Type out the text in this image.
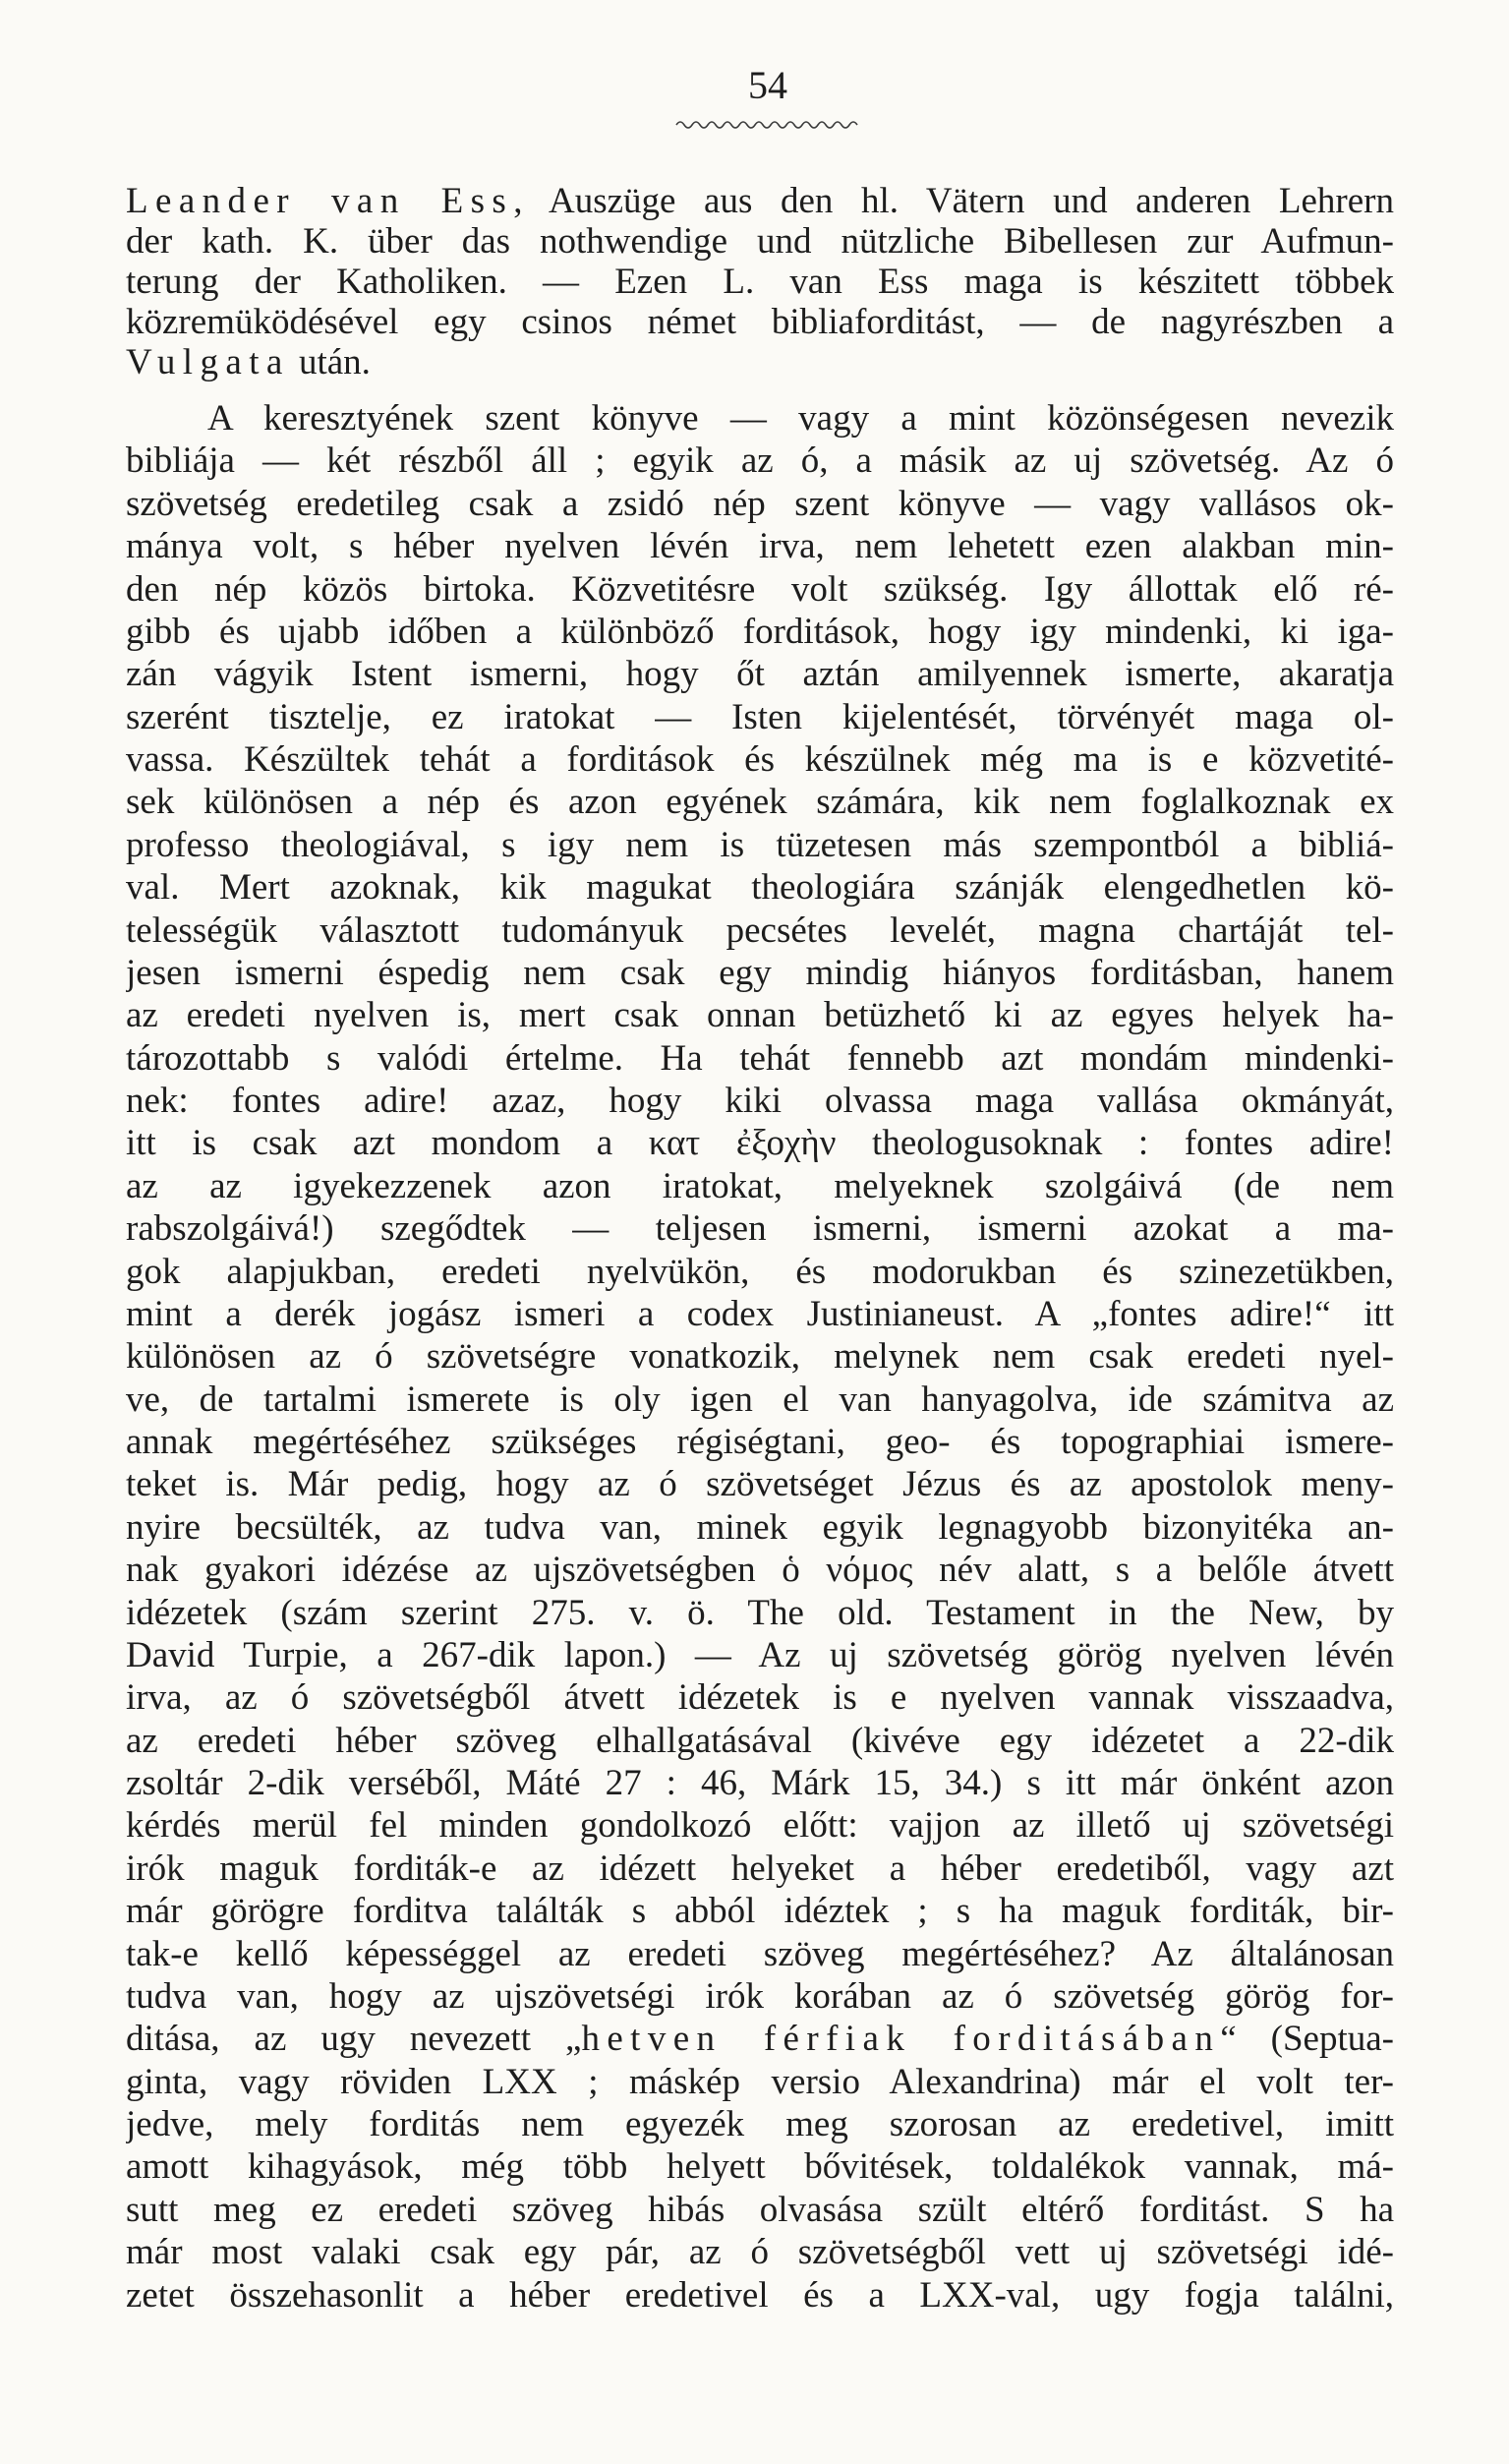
54
Leander van Ess, Auszüge aus den hl. Vätern und anderen Lehrern
der kath. K. über das nothwendige und nützliche Bibellesen zur Aufmun-
terung der Katholiken. — Ezen L. van Ess maga is készitett többek
közremüködésével egy csinos német bibliaforditást, — de nagyrészben a
Vulgata után.
A keresztyének szent könyve — vagy a mint közönségesen nevezik
bibliája — két részből áll ; egyik az ó, a másik az uj szövetség. Az ó
szövetség eredetileg csak a zsidó nép szent könyve — vagy vallásos ok-
mánya volt, s héber nyelven lévén irva, nem lehetett ezen alakban min-
den nép közös birtoka. Közvetitésre volt szükség. Igy állottak elő ré-
gibb és ujabb időben a különböző forditások, hogy igy mindenki, ki iga-
zán vágyik Istent ismerni, hogy őt aztán amilyennek ismerte, akaratja
szerént tisztelje, ez iratokat — Isten kijelentését, törvényét maga ol-
vassa. Készültek tehát a forditások és készülnek még ma is e közvetité-
sek különösen a nép és azon egyének számára, kik nem foglalkoznak ex
professo theologiával, s igy nem is tüzetesen más szempontból a bibliá-
val. Mert azoknak, kik magukat theologiára szánják elengedhetlen kö-
telességük választott tudományuk pecsétes levelét, magna chartáját tel-
jesen ismerni éspedig nem csak egy mindig hiányos forditásban, hanem
az eredeti nyelven is, mert csak onnan betüzhető ki az egyes helyek ha-
tározottabb s valódi értelme. Ha tehát fennebb azt mondám mindenki-
nek: fontes adire! azaz, hogy kiki olvassa maga vallása okmányát,
itt is csak azt mondom a κατ ἐξοχὴν theologusoknak : fontes adire!
az az igyekezzenek azon iratokat, melyeknek szolgáivá (de nem
rabszolgáivá!) szegődtek — teljesen ismerni, ismerni azokat a ma-
gok alapjukban, eredeti nyelvükön, és modorukban és szinezetükben,
mint a derék jogász ismeri a codex Justinianeust. A „fontes adire!“ itt
különösen az ó szövetségre vonatkozik, melynek nem csak eredeti nyel-
ve, de tartalmi ismerete is oly igen el van hanyagolva, ide számitva az
annak megértéséhez szükséges régiségtani, geo- és topographiai ismere-
teket is. Már pedig, hogy az ó szövetséget Jézus és az apostolok meny-
nyire becsülték, az tudva van, minek egyik legnagyobb bizonyitéka an-
nak gyakori idézése az ujszövetségben ὁ νόμος név alatt, s a belőle átvett
idézetek (szám szerint 275. v. ö. The old. Testament in the New, by
David Turpie, a 267-dik lapon.) — Az uj szövetség görög nyelven lévén
irva, az ó szövetségből átvett idézetek is e nyelven vannak visszaadva,
az eredeti héber szöveg elhallgatásával (kivéve egy idézetet a 22-dik
zsoltár 2-dik verséből, Máté 27 : 46, Márk 15, 34.) s itt már önként azon
kérdés merül fel minden gondolkozó előtt: vajjon az illető uj szövetségi
irók maguk forditák-e az idézett helyeket a héber eredetiből, vagy azt
már görögre forditva találták s abból idéztek ; s ha maguk forditák, bir-
tak-e kellő képességgel az eredeti szöveg megértéséhez? Az általánosan
tudva van, hogy az ujszövetségi irók korában az ó szövetség görög for-
ditása, az ugy nevezett „hetven férfiak forditásában“ (Septua-
ginta, vagy röviden LXX ; máskép versio Alexandrina) már el volt ter-
jedve, mely forditás nem egyezék meg szorosan az eredetivel, imitt
amott kihagyások, még több helyett bővitések, toldalékok vannak, má-
sutt meg ez eredeti szöveg hibás olvasása szült eltérő forditást. S ha
már most valaki csak egy pár, az ó szövetségből vett uj szövetségi idé-
zetet összehasonlit a héber eredetivel és a LXX-val, ugy fogja találni,
